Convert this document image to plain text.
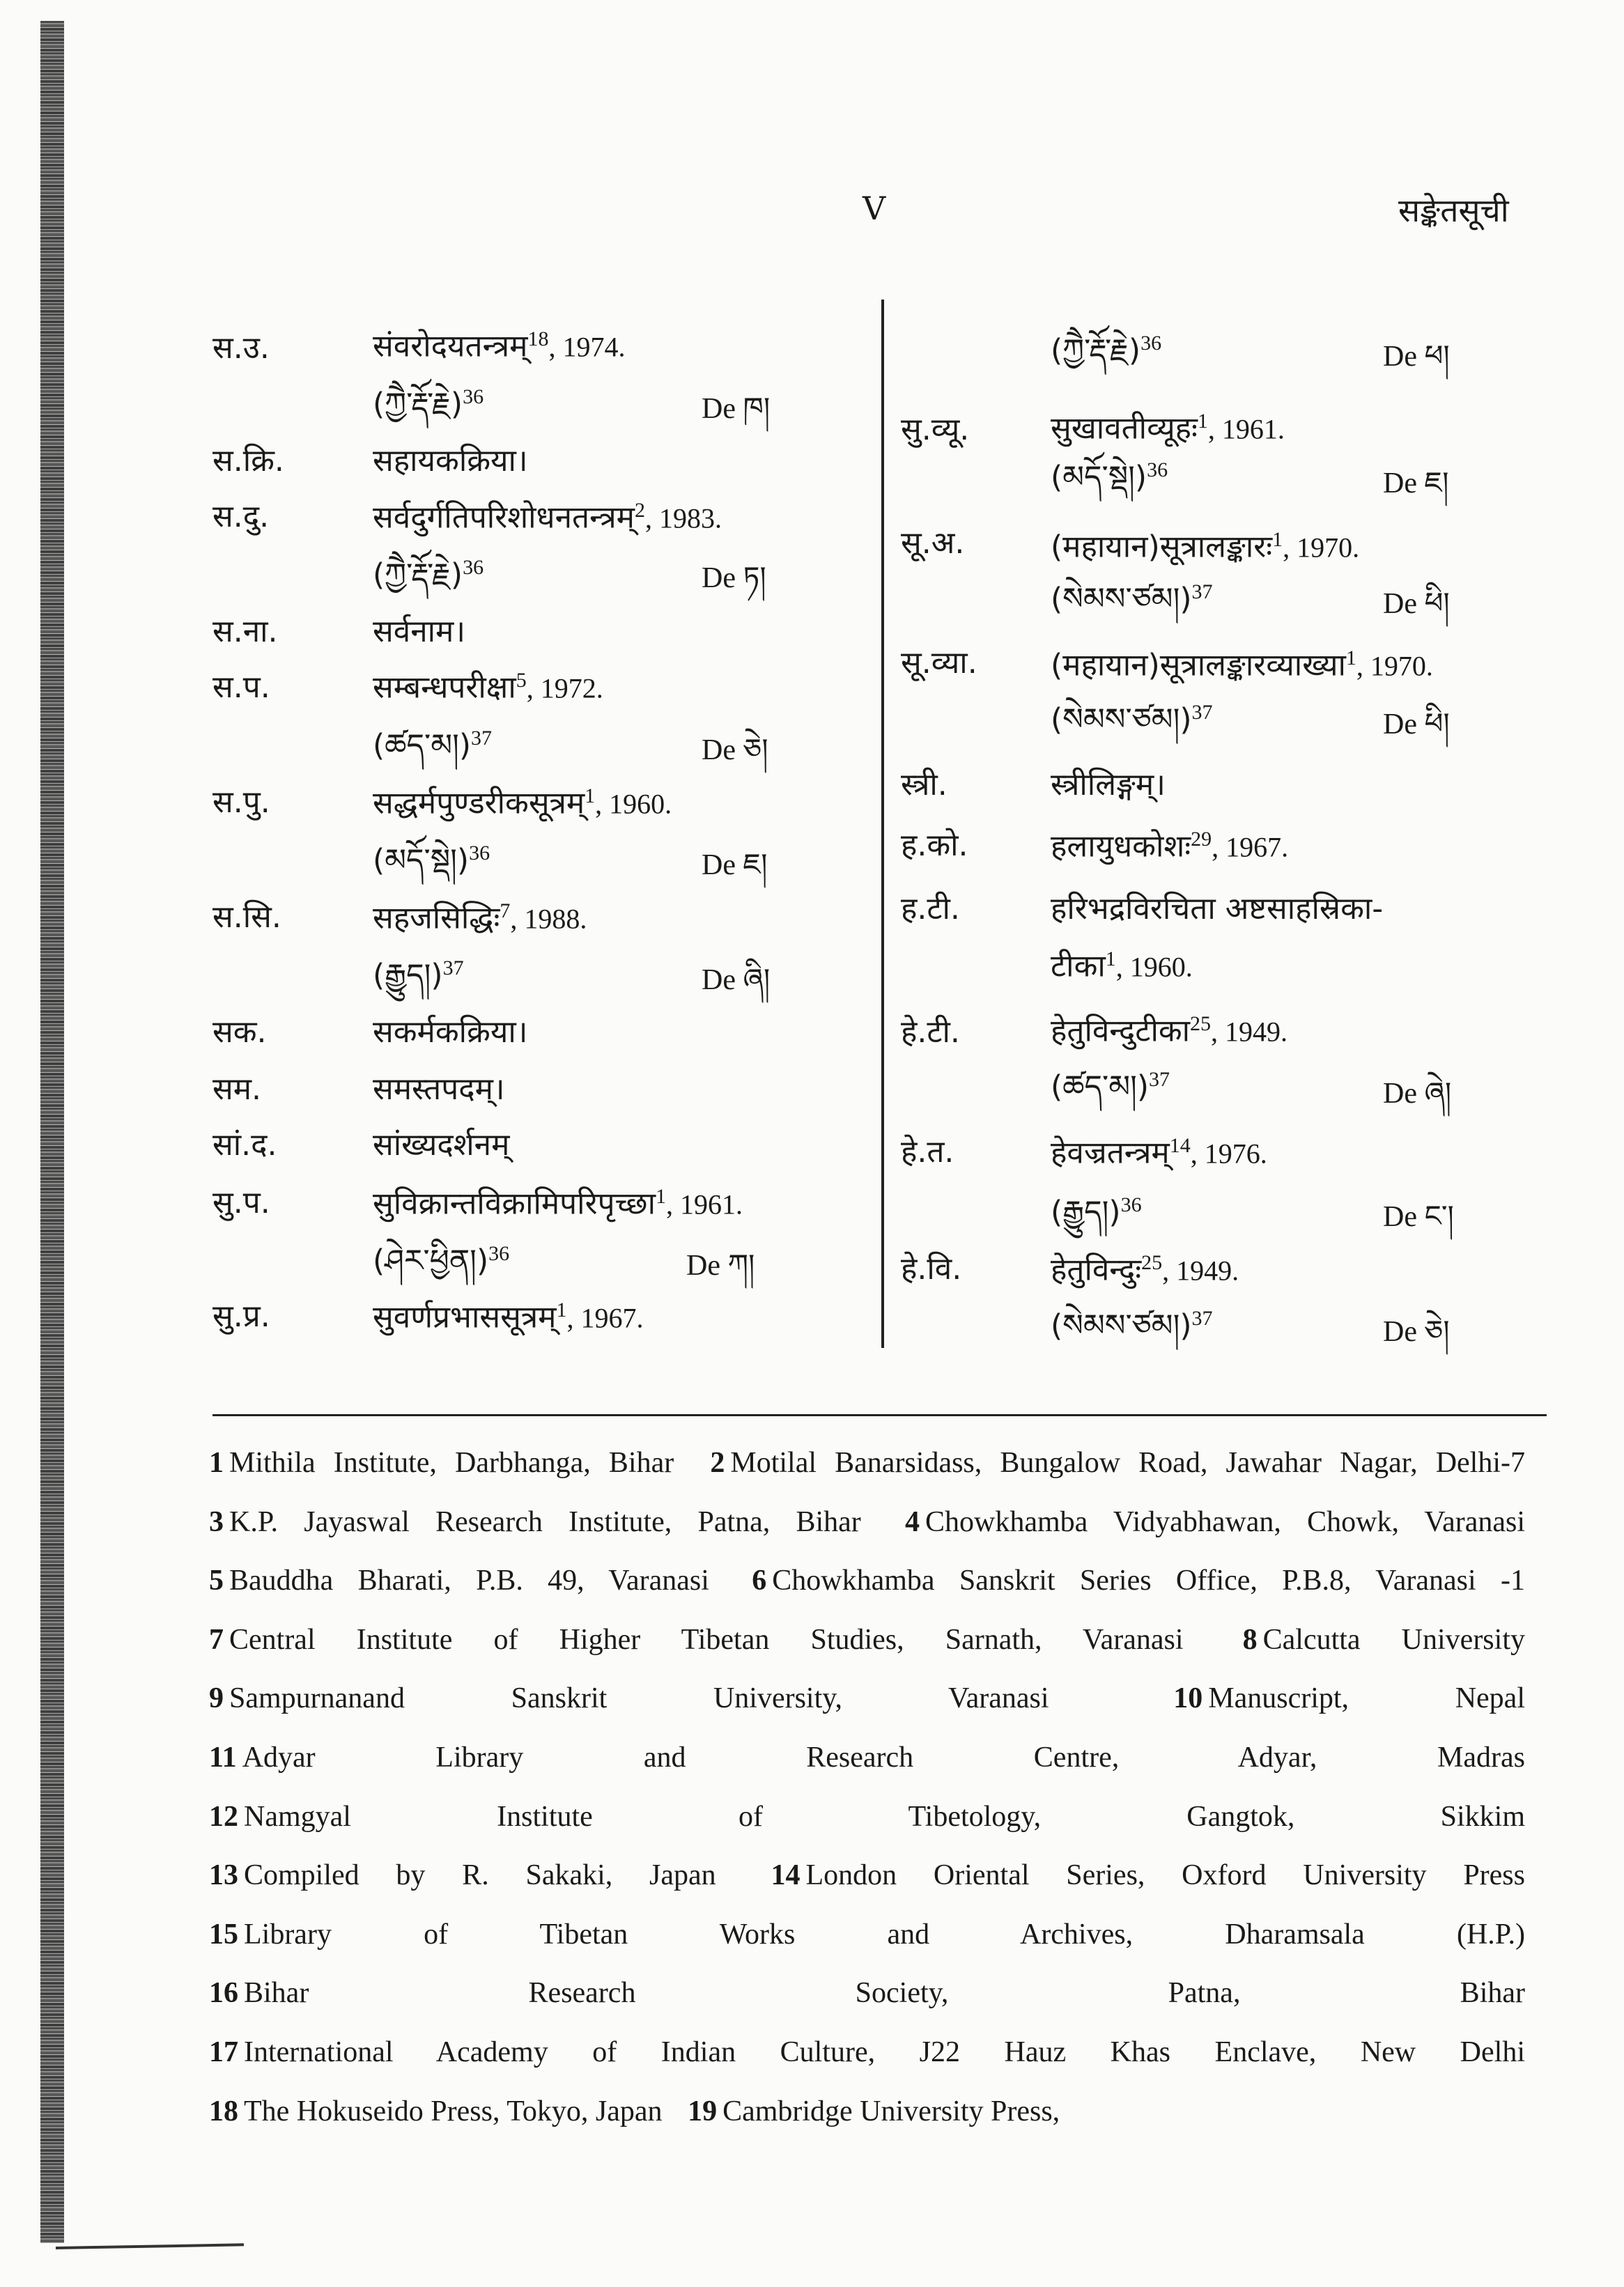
V	सङ्केतसूची
स.उ.	संवरोदयतन्त्रम्$^{18}$, 1974.
(ཀྱཻ་རྡོ་རྗེ)$^{36}$	De ཁ།
स.क्रि.	सहायकक्रिया।
स.दु.	सर्वदुर्गतिपरिशोधनतन्त्रम्$^2$, 1983.
(ཀྱཻ་རྡོ་རྗེ)$^{36}$	De ཏ།
स.ना.	सर्वनाम।
स.प.	सम्बन्धपरीक्षा$^5$, 1972.
(ཚད་མ།)$^{37}$	De ཅེ།
स.पु.	सद्धर्मपुण्डरीकसूत्रम्$^1$, 1960.
(མདོ་སྡེ།)$^{36}$	De ཇ།
स.सि.	सहजसिद्धिः$^7$, 1988.
(རྒྱུད།)$^{37}$	De ཞི།
सक.	सकर्मकक्रिया।
सम.	समस्तपदम्।
सां.द.	सांख्यदर्शनम्
सु.प.	सुविक्रान्तविक्रामिपरिपृच्छा$^1$, 1961.
(ཤེར་ཕྱིན།)$^{36}$	De ཀ།
सु.प्र.	सुवर्णप्रभाससूत्रम्$^1$, 1967.
(ཀྱཻ་རྡོ་རྗེ)$^{36}$	De ཕ།
सु.व्यू.	सुखावतीव्यूहः$^1$, 1961.
(མདོ་སྡེ།)$^{36}$	De ཇ།
सू.अ.	(महायान)सूत्रालङ्कारः$^1$, 1970.
(སེམས་ཙམ།)$^{37}$	De ཕི།
सू.व्या. (महायान)सूत्रालङ्कारव्याख्या$^1$, 1970.
(སེམས་ཙམ།)$^{37}$	De ཕི།
स्त्री.	स्त्रीलिङ्गम्।
ह.को.	हलायुधकोशः$^{29}$, 1967.
ह.टी.	हरिभद्रविरचिता अष्टसाहस्रिका-
टीका$^1$, 1960.
हे.टी.	हेतुविन्दुटीका$^{25}$, 1949.
(ཚད་མ།)$^{37}$	De ཞེ།
हे.त.	हेवज्रतन्त्रम्$^{14}$, 1976.
(རྒྱུད།)$^{36}$	De ང་།
हे.वि.	हेतुविन्दुः$^{25}$, 1949.
(སེམས་ཙམ།)$^{37}$	De ཅེ།
1 Mithila Institute, Darbhanga, Bihar 2 Motilal Banarsidass, Bungalow Road, Jawahar Nagar, Delhi-7
3 K.P. Jayaswal Research Institute, Patna, Bihar 4 Chowkhamba Vidyabhawan, Chowk, Varanasi
5 Bauddha Bharati, P.B. 49, Varanasi 6 Chowkhamba Sanskrit Series Office, P.B.8, Varanasi -1
7 Central Institute of Higher Tibetan Studies, Sarnath, Varanasi 8 Calcutta University
9 Sampurnanand Sanskrit University, Varanasi	10 Manuscript, Nepal
11 Adyar Library and Research Centre, Adyar, Madras
12 Namgyal Institute of Tibetology, Gangtok, Sikkim
13 Compiled by R. Sakaki, Japan 14 London Oriental Series, Oxford University Press
15 Library of Tibetan Works and Archives, Dharamsala (H.P.)
16 Bihar Research Society, Patna, Bihar
17 International Academy of Indian Culture, J22 Hauz Khas Enclave, New Delhi
18 The Hokuseido Press, Tokyo, Japan 19 Cambridge University Press,
